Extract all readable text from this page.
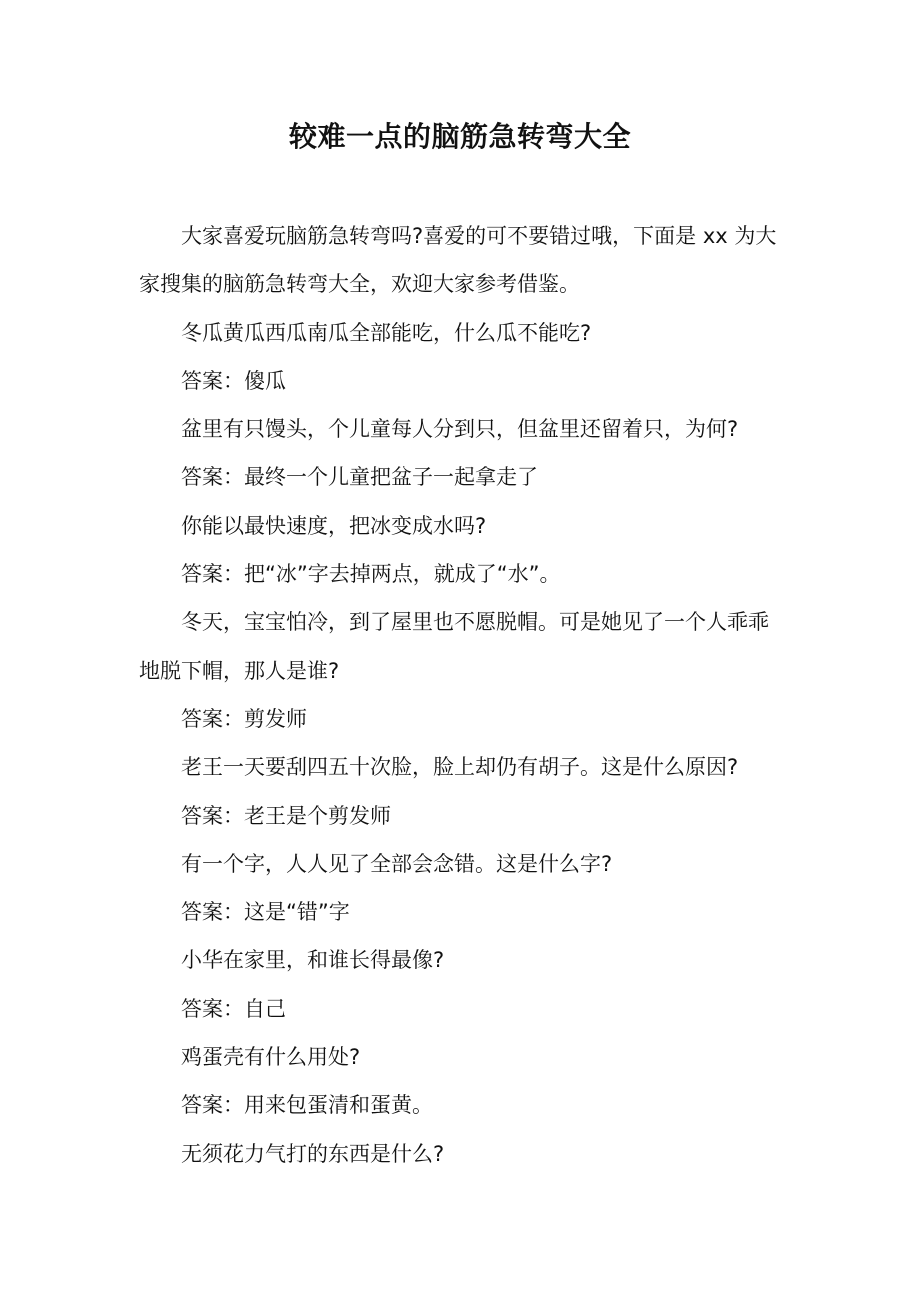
较难一点的脑筋急转弯大全

大家喜爱玩脑筋急转弯吗?喜爱的可不要错过哦，下面是 xx 为大家搜集的脑筋急转弯大全，欢迎大家参考借鉴。

冬瓜黄瓜西瓜南瓜全部能吃，什么瓜不能吃?

答案：傻瓜

盆里有只馒头，个儿童每人分到只，但盆里还留着只，为何?

答案：最终一个儿童把盆子一起拿走了

你能以最快速度，把冰变成水吗?

答案：把“冰”字去掉两点，就成了“水”。

冬天，宝宝怕冷，到了屋里也不愿脱帽。可是她见了一个人乖乖地脱下帽，那人是谁?

答案：剪发师

老王一天要刮四五十次脸，脸上却仍有胡子。这是什么原因?

答案：老王是个剪发师

有一个字，人人见了全部会念错。这是什么字?

答案：这是“错”字

小华在家里，和谁长得最像?

答案：自己

鸡蛋壳有什么用处?

答案：用来包蛋清和蛋黄。

无须花力气打的东西是什么?
